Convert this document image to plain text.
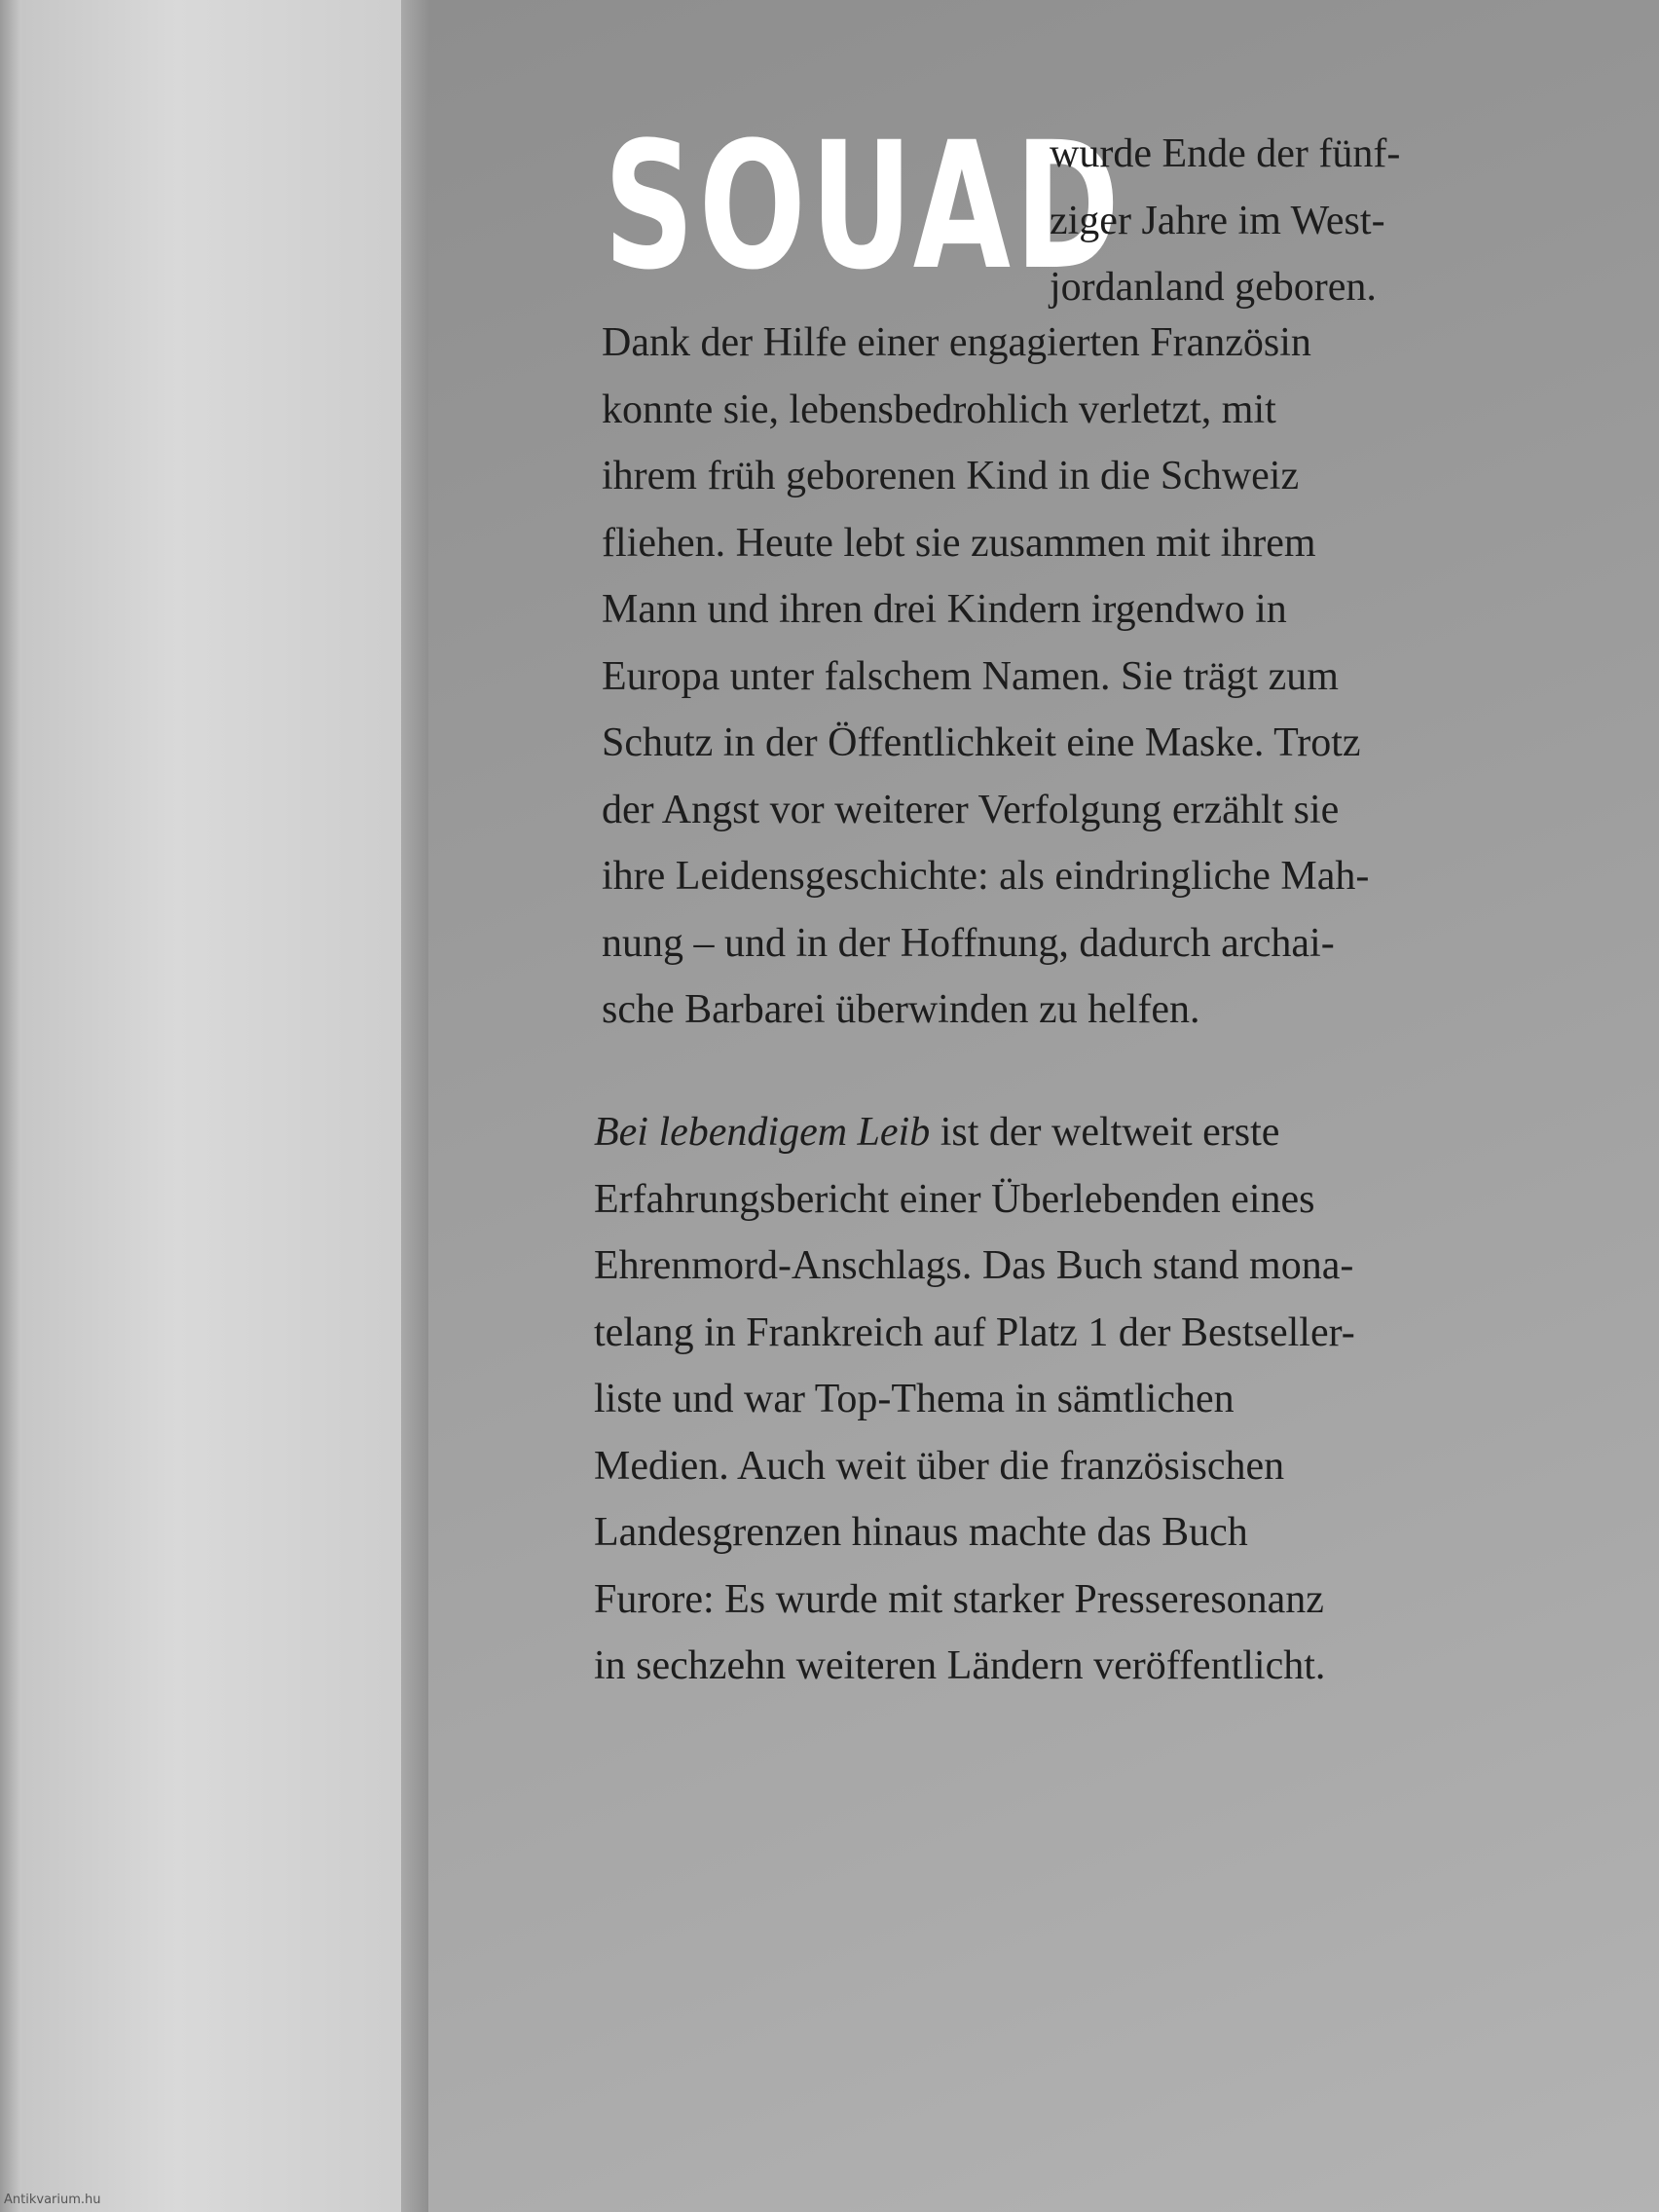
SOUAD

wurde Ende der fünf-
ziger Jahre im West-
jordanland geboren.

Dank der Hilfe einer engagierten Französin
konnte sie, lebensbedrohlich verletzt, mit
ihrem früh geborenen Kind in die Schweiz
fliehen. Heute lebt sie zusammen mit ihrem
Mann und ihren drei Kindern irgendwo in
Europa unter falschem Namen. Sie trägt zum
Schutz in der Öffentlichkeit eine Maske. Trotz
der Angst vor weiterer Verfolgung erzählt sie
ihre Leidensgeschichte: als eindringliche Mah-
nung – und in der Hoffnung, dadurch archai-
sche Barbarei überwinden zu helfen.

Bei lebendigem Leib ist der weltweit erste
Erfahrungsbericht einer Überlebenden eines
Ehrenmord-Anschlags. Das Buch stand mona-
telang in Frankreich auf Platz 1 der Bestseller-
liste und war Top-Thema in sämtlichen
Medien. Auch weit über die französischen
Landesgrenzen hinaus machte das Buch
Furore: Es wurde mit starker Presseresonanz
in sechzehn weiteren Ländern veröffentlicht.

Antikvarium.hu
